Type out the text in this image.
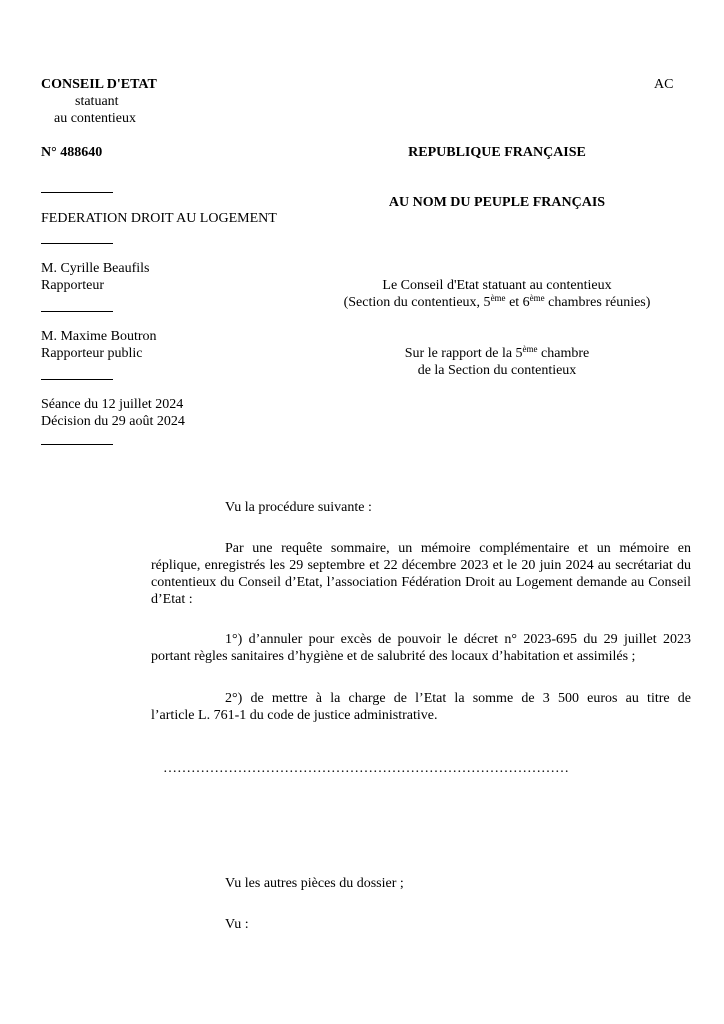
CONSEIL D'ETAT
statuant
au contentieux
AC
N° 488640	REPUBLIQUE FRANÇAISE
AU NOM DU PEUPLE FRANÇAIS
FEDERATION DROIT AU LOGEMENT
M. Cyrille Beaufils
Rapporteur
M. Maxime Boutron
Rapporteur public
Séance du 12 juillet 2024
Décision du 29 août 2024
Le Conseil d'Etat statuant au contentieux
(Section du contentieux, 5ème et 6ème chambres réunies)
Sur le rapport de la 5ème chambre
de la Section du contentieux
Vu la procédure suivante :
Par une requête sommaire, un mémoire complémentaire et un mémoire en
réplique, enregistrés les 29 septembre et 22 décembre 2023 et le 20 juin 2024 au secrétariat du
contentieux du Conseil d’Etat, l’association Fédération Droit au Logement demande au Conseil
d’Etat :
1°) d’annuler pour excès de pouvoir le décret n° 2023-695 du 29 juillet 2023
portant règles sanitaires d’hygiène et de salubrité des locaux d’habitation et assimilés ;
2°) de mettre à la charge de l’Etat la somme de 3 500 euros au titre de
l’article L. 761-1 du code de justice administrative.
……………………………………………………………………………
Vu les autres pièces du dossier ;
Vu :
